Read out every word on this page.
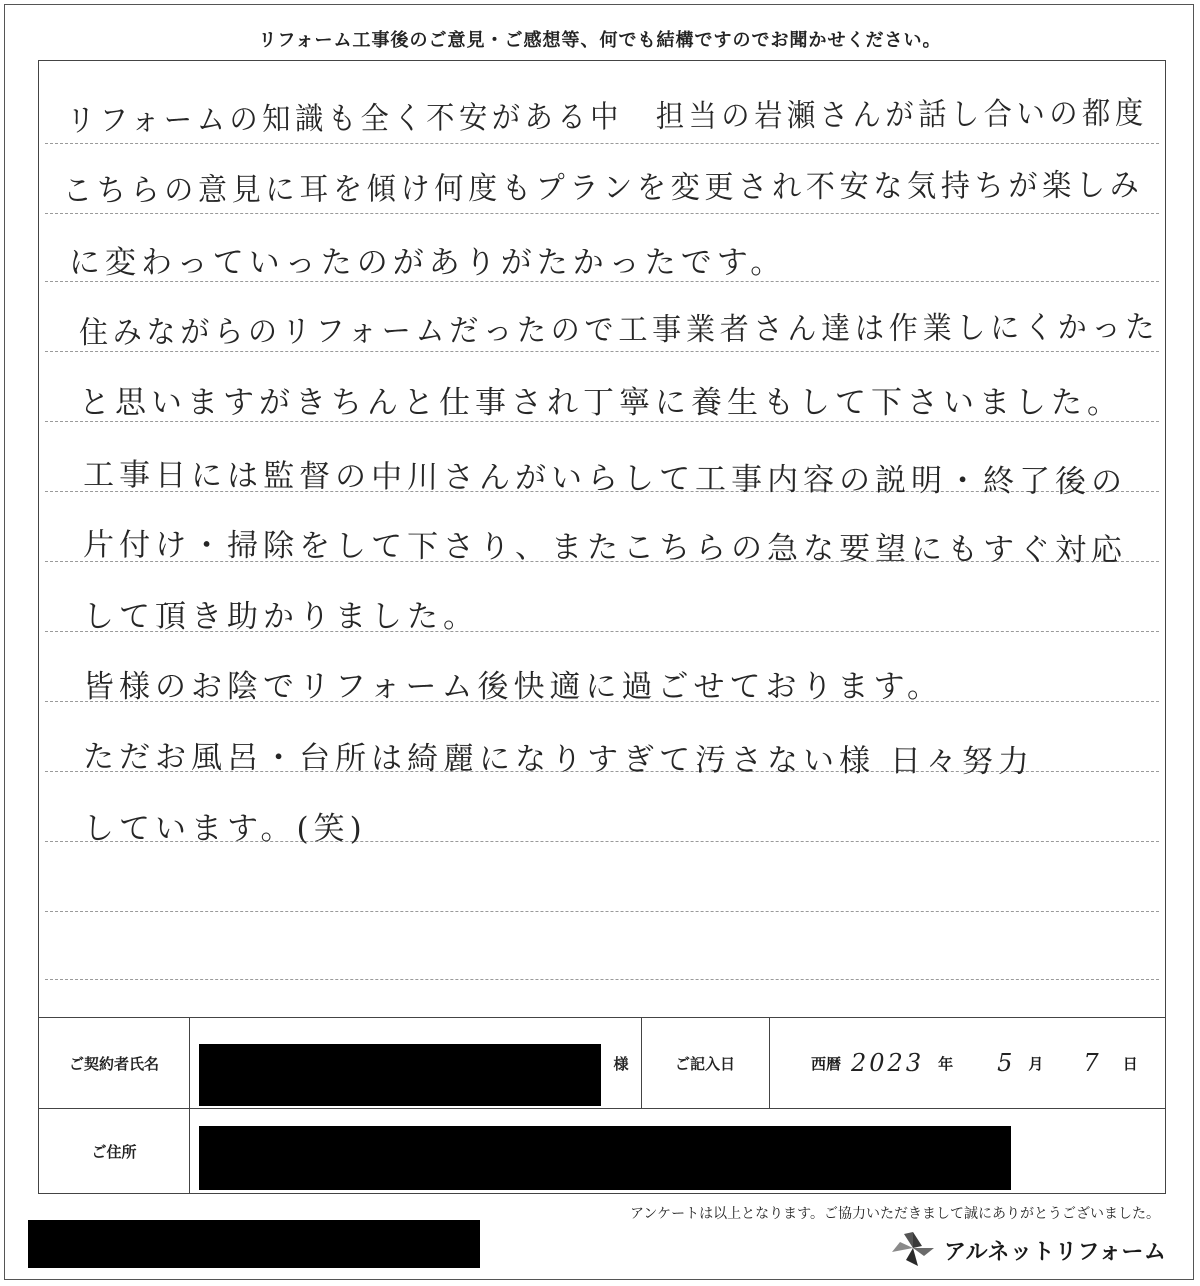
リフォーム工事後のご意見・ご感想等、何でも結構ですのでお聞かせください。
リフォームの知識も全く不安がある中　担当の岩瀬さんが話し合いの都度
こちらの意見に耳を傾け何度もプランを変更され不安な気持ちが楽しみ
に変わっていったのがありがたかったです。
住みながらのリフォームだったので工事業者さん達は作業しにくかった
と思いますがきちんと仕事され丁寧に養生もして下さいました。
工事日には監督の中川さんがいらして工事内容の説明・終了後の
片付け・掃除をして下さり、またこちらの急な要望にもすぐ対応
して頂き助かりました。
皆様のお陰でリフォーム後快適に過ごせております。
ただお風呂・台所は綺麗になりすぎて汚さない様 日々努力
しています。(笑)
ご契約者氏名	様	ご記入日	西暦 2023 年 5 月 7 日
ご住所
アンケートは以上となります。ご協力いただきまして誠にありがとうございました。
アルネットリフォーム
